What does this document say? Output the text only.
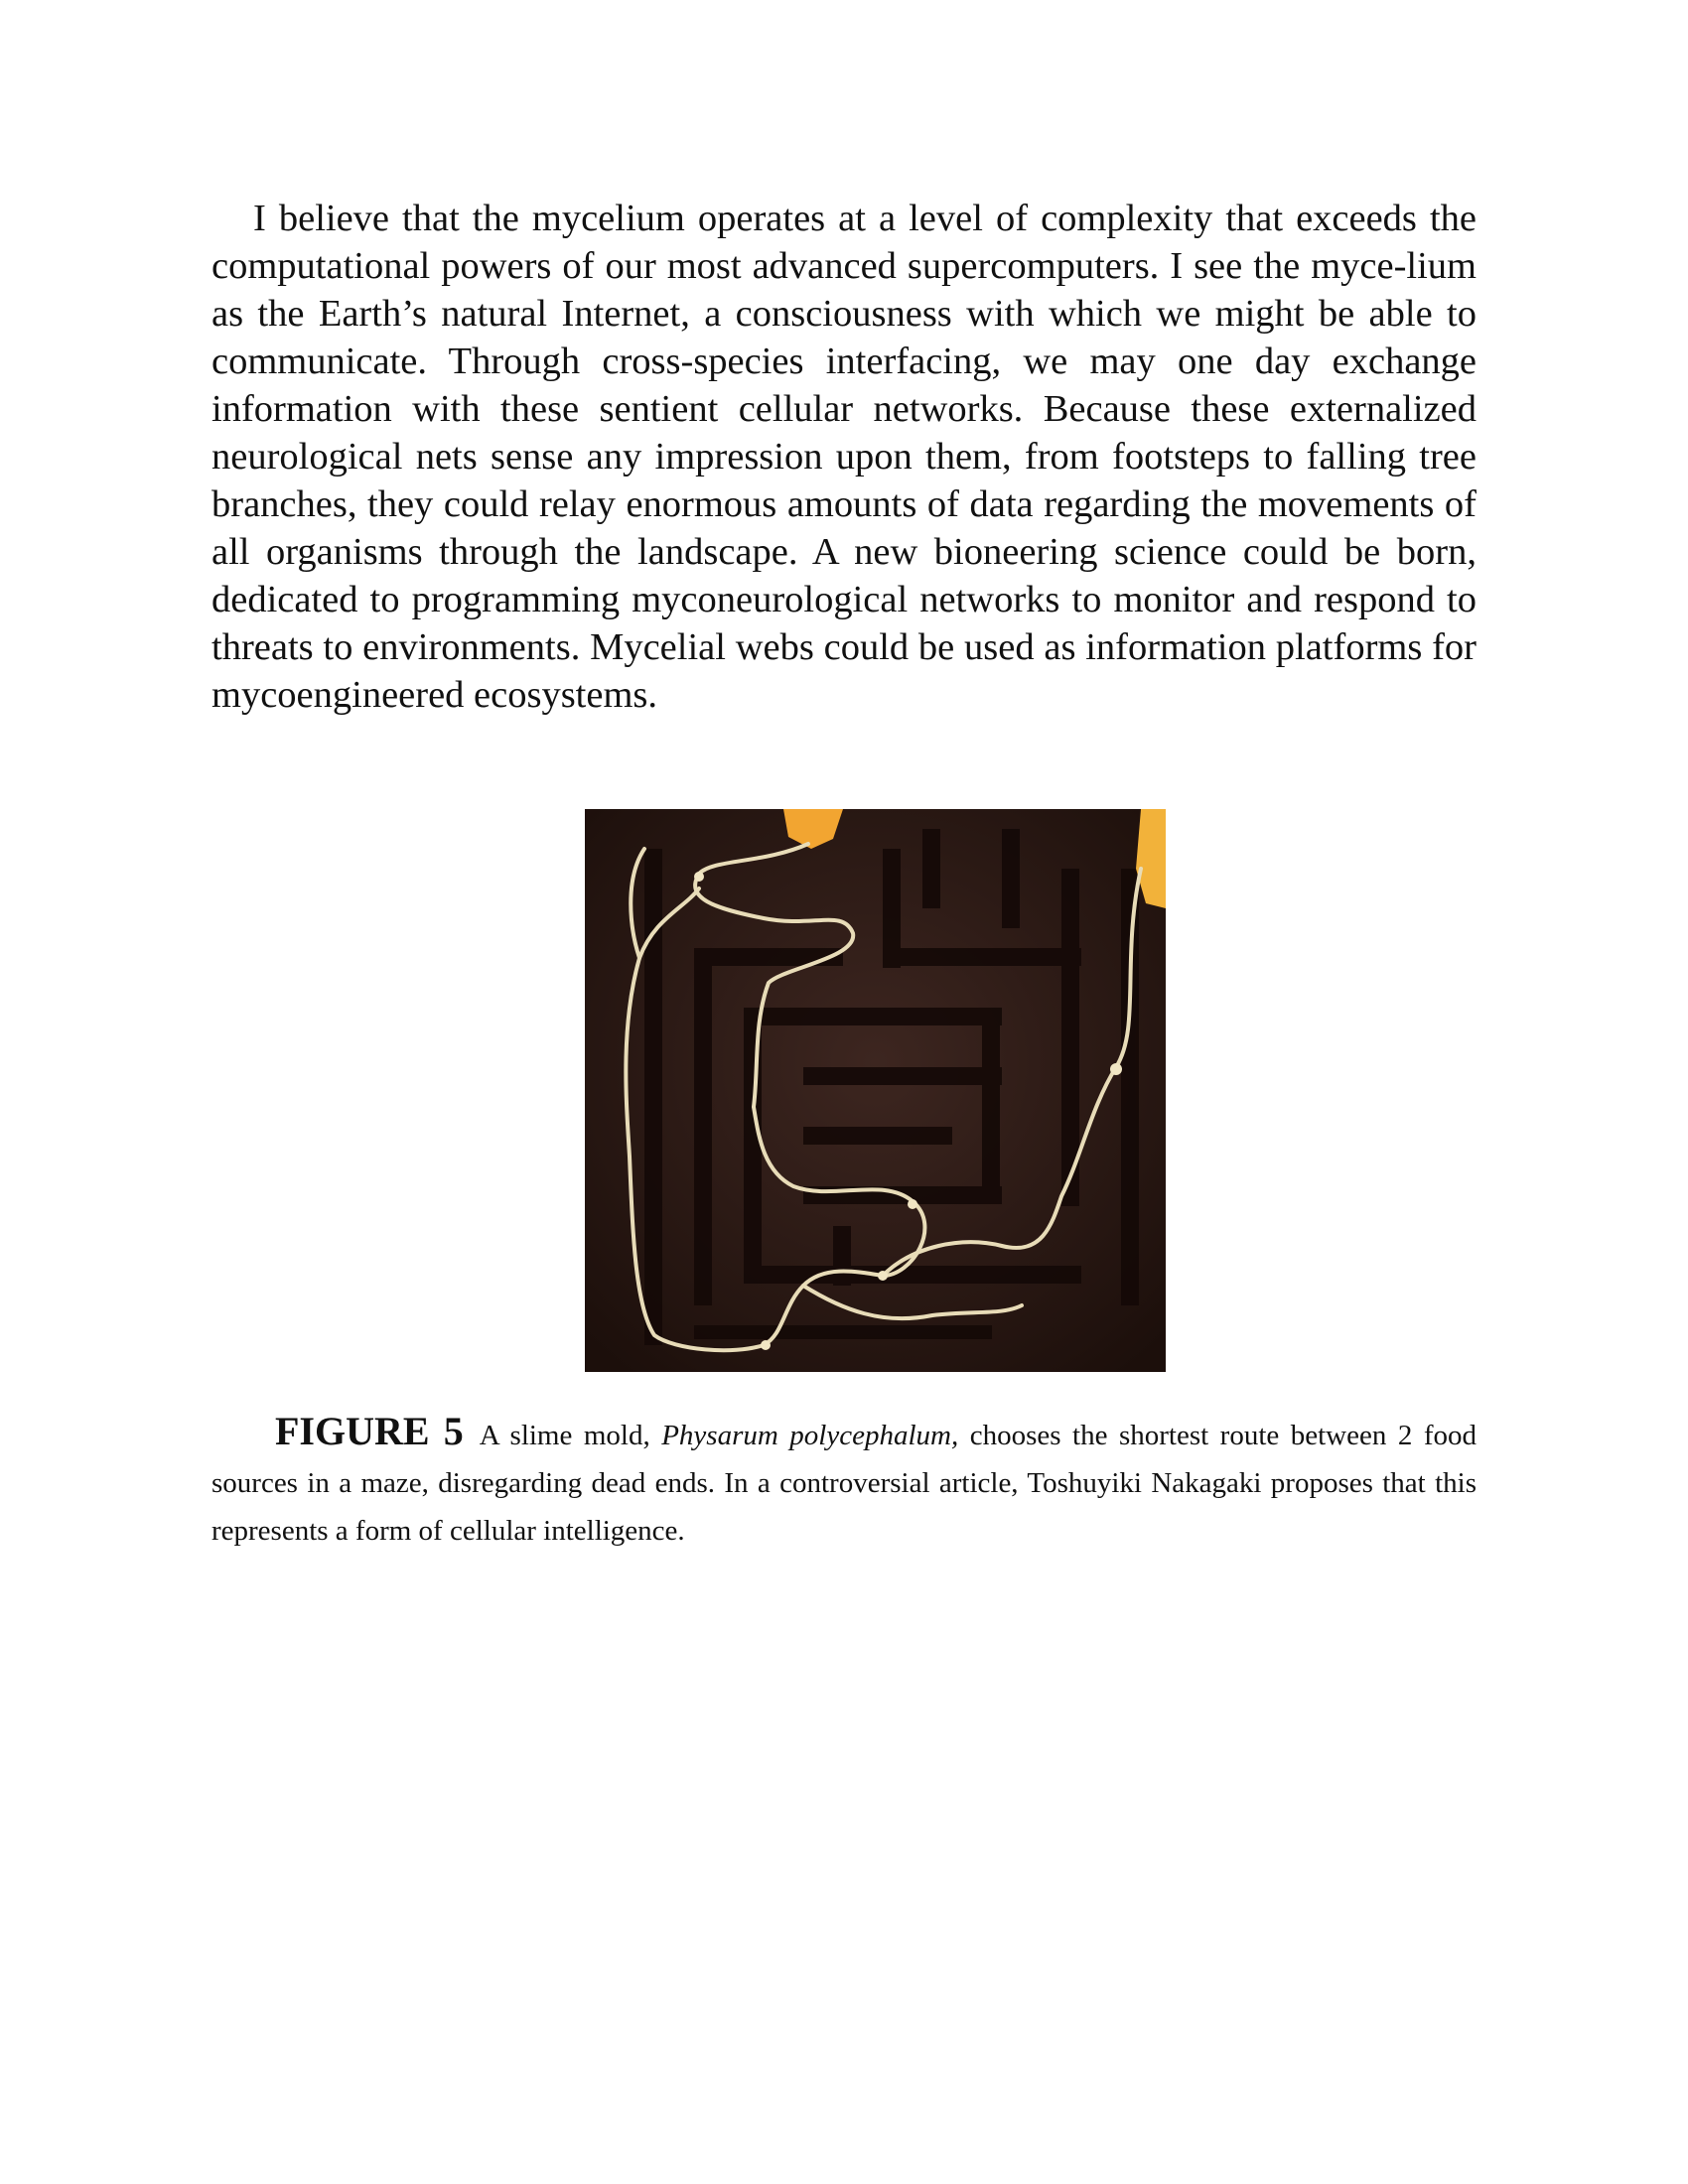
I believe that the mycelium operates at a level of complexity that exceeds the computational powers of our most advanced supercomputers. I see the myce-lium as the Earth’s natural Internet, a consciousness with which we might be able to communicate. Through cross-species interfacing, we may one day exchange information with these sentient cellular networks. Because these externalized neurological nets sense any impression upon them, from footsteps to falling tree branches, they could relay enormous amounts of data regarding the movements of all organisms through the landscape. A new bioneering science could be born, dedicated to programming myconeurological networks to monitor and respond to threats to environments. Mycelial webs could be used as information platforms for mycoengineered ecosystems.

FIGURE 5 A slime mold, Physarum polycephalum, chooses the shortest route between 2 food sources in a maze, disregarding dead ends. In a controversial article, Toshuyiki Nakagaki proposes that this represents a form of cellular intelligence.
